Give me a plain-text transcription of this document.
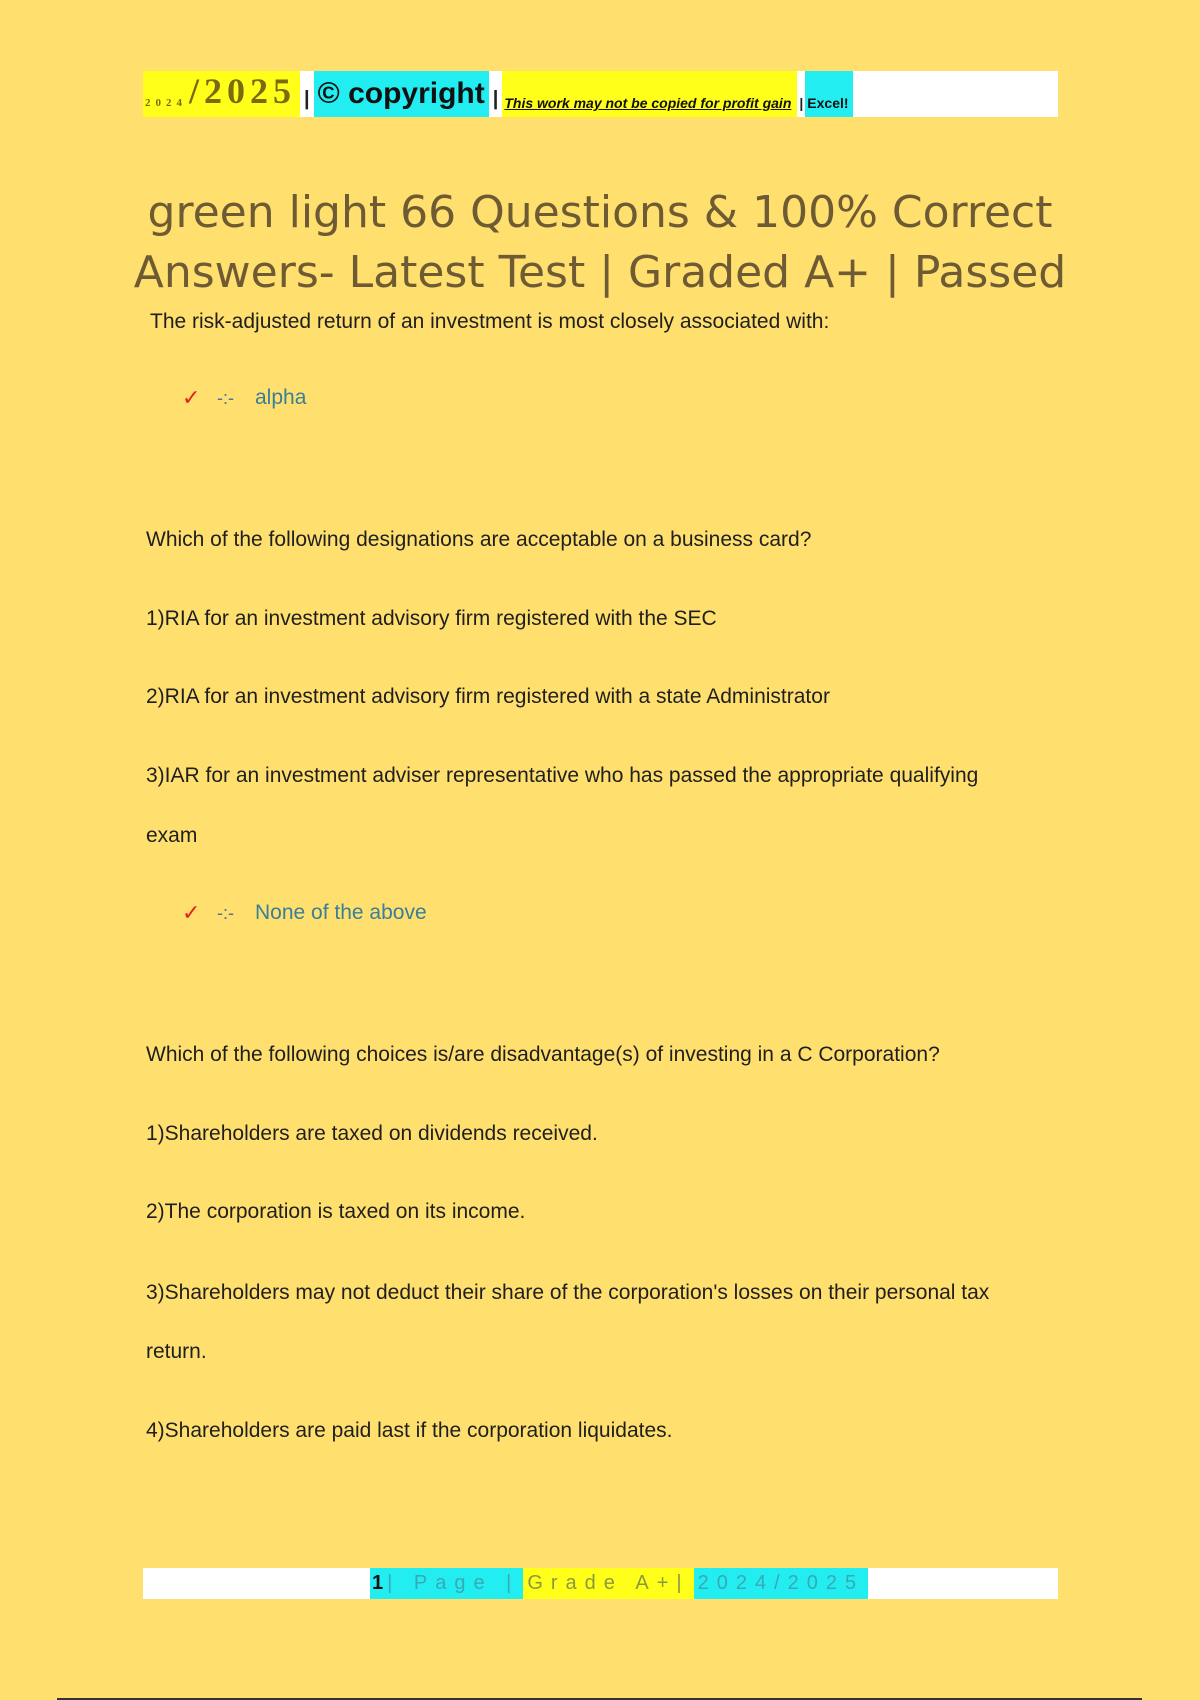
2024 /2025 | © copyright | This work may not be copied for profit gain | Excel!
green light 66 Questions & 100% Correct
Answers- Latest Test | Graded A+ | Passed
The risk-adjusted return of an investment is most closely associated with:
✓ -:-	alpha
Which of the following designations are acceptable on a business card?
1)RIA for an investment advisory firm registered with the SEC
2)RIA for an investment advisory firm registered with a state Administrator
3)IAR for an investment adviser representative who has passed the appropriate qualifying
exam
✓ -:-	None of the above
Which of the following choices is/are disadvantage(s) of investing in a C Corporation?
1)Shareholders are taxed on dividends received.
2)The corporation is taxed on its income.
3)Shareholders may not deduct their share of the corporation's losses on their personal tax
return.
4)Shareholders are paid last if the corporation liquidates.
1 | Page | Grade A+| 2024/2025
